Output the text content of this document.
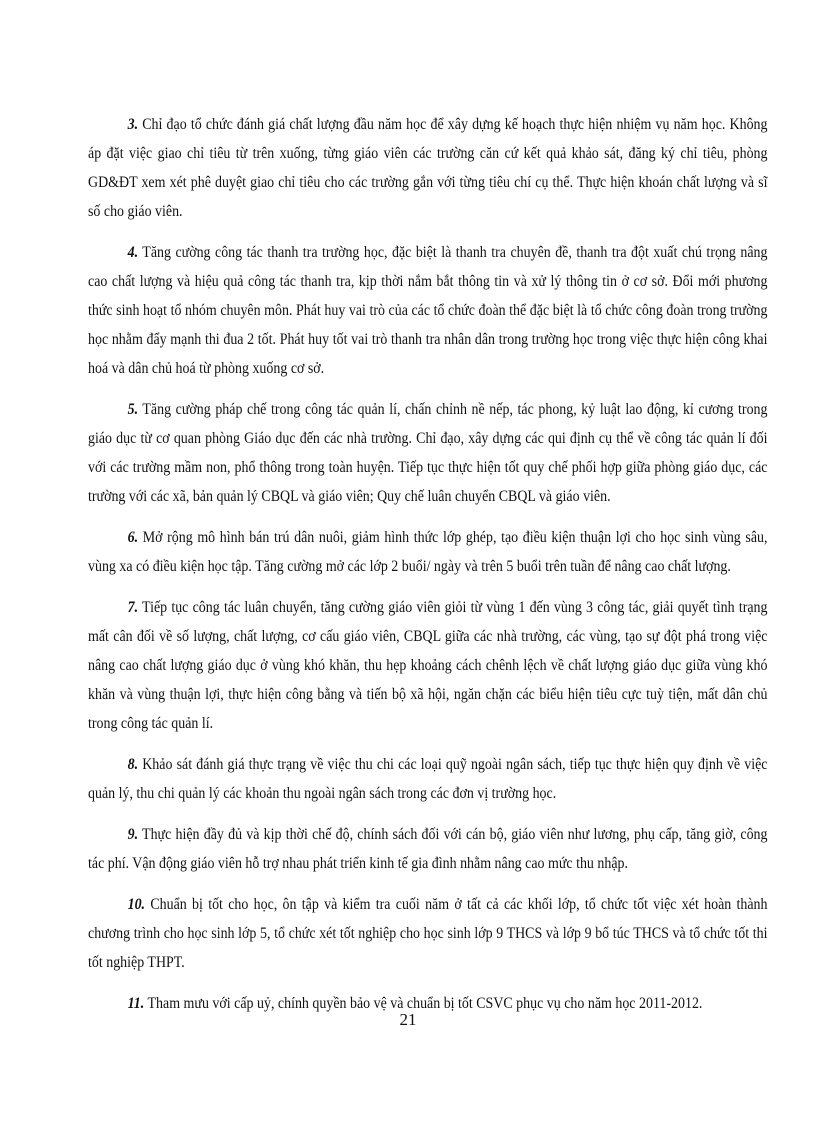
3. Chỉ đạo tổ chức đánh giá chất lượng đầu năm học để xây dựng kế hoạch thực hiện nhiệm vụ năm học. Không áp đặt việc giao chỉ tiêu từ trên xuống, từng giáo viên các trường căn cứ kết quả khảo sát, đăng ký chỉ tiêu, phòng GD&ĐT xem xét phê duyệt giao chỉ tiêu cho các trường gắn với từng tiêu chí cụ thể. Thực hiện khoán chất lượng và sĩ số cho giáo viên.

4. Tăng cường công tác thanh tra trường học, đặc biệt là thanh tra chuyên đề, thanh tra đột xuất chú trọng nâng cao chất lượng và hiệu quả công tác thanh tra, kịp thời nắm bắt thông tin và xử lý thông tin ở cơ sở. Đổi mới phương thức sinh hoạt tổ nhóm chuyên môn. Phát huy vai trò của các tổ chức đoàn thể đặc biệt là tổ chức công đoàn trong trường học nhằm đẩy mạnh thi đua 2 tốt. Phát huy tốt vai trò thanh tra nhân dân trong trường học trong việc thực hiện công khai hoá và dân chủ hoá từ phòng xuống cơ sở.

5. Tăng cường pháp chế trong công tác quản lí, chấn chỉnh nề nếp, tác phong, kỷ luật lao động, kỉ cương trong giáo dục từ cơ quan phòng Giáo dục đến các nhà trường. Chỉ đạo, xây dựng các qui định cụ thể về công tác quản lí đối với các trường mầm non, phổ thông trong toàn huyện. Tiếp tục thực hiện tốt quy chế phối hợp giữa phòng giáo dục, các trường với các xã, bản quản lý CBQL và giáo viên; Quy chế luân chuyển CBQL và giáo viên.

6. Mở rộng mô hình bán trú dân nuôi, giảm hình thức lớp ghép, tạo điều kiện thuận lợi cho học sinh vùng sâu, vùng xa có điều kiện học tập. Tăng cường mở các lớp 2 buổi/ ngày và trên 5 buổi trên tuần để nâng cao chất lượng.

7. Tiếp tục công tác luân chuyển, tăng cường giáo viên giỏi từ vùng 1 đến vùng 3 công tác, giải quyết tình trạng mất cân đối về số lượng, chất lượng, cơ cấu giáo viên, CBQL giữa các nhà trường, các vùng, tạo sự đột phá trong việc nâng cao chất lượng giáo dục ở vùng khó khăn, thu hẹp khoảng cách chênh lệch về chất lượng giáo dục giữa vùng khó khăn và vùng thuận lợi, thực hiện công bằng và tiến bộ xã hội, ngăn chặn các biểu hiện tiêu cực tuỳ tiện, mất dân chủ trong công tác quản lí.

8. Khảo sát đánh giá thực trạng về việc thu chi các loại quỹ ngoài ngân sách, tiếp tục thực hiện quy định về việc quản lý, thu chi quản lý các khoản thu ngoài ngân sách trong các đơn vị trường học.

9. Thực hiện đầy đủ và kịp thời chế độ, chính sách đối với cán bộ, giáo viên như lương, phụ cấp, tăng giờ, công tác phí. Vận động giáo viên hỗ trợ nhau phát triển kinh tế gia đình nhằm nâng cao mức thu nhập.

10. Chuẩn bị tốt cho học, ôn tập và kiểm tra cuối năm ở tất cả các khối lớp, tổ chức tốt việc xét hoàn thành chương trình cho học sinh lớp 5, tổ chức xét tốt nghiệp cho học sinh lớp 9 THCS và lớp 9 bổ túc THCS và tổ chức tốt thi tốt nghiệp THPT.

11. Tham mưu với cấp uỷ, chính quyền bảo vệ và chuẩn bị tốt CSVC phục vụ cho năm học 2011-2012.

21
